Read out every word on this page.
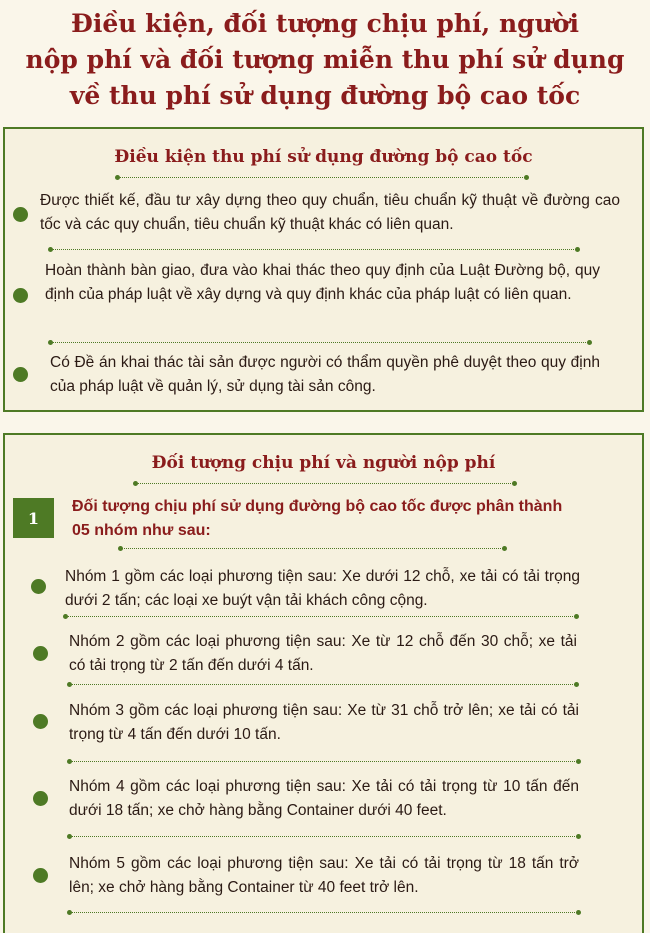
Điều kiện, đối tượng chịu phí, người
nộp phí và đối tượng miễn thu phí sử dụng
về thu phí sử dụng đường bộ cao tốc
Điều kiện thu phí sử dụng đường bộ cao tốc
Được thiết kế, đầu tư xây dựng theo quy chuẩn, tiêu chuẩn kỹ thuật về đường cao tốc và các quy chuẩn, tiêu chuẩn kỹ thuật khác có liên quan.
Hoàn thành bàn giao, đưa vào khai thác theo quy định của Luật Đường bộ, quy định của pháp luật về xây dựng và quy định khác của pháp luật có liên quan.
Có Đề án khai thác tài sản được người có thẩm quyền phê duyệt theo quy định của pháp luật về quản lý, sử dụng tài sản công.
Đối tượng chịu phí và người nộp phí
1
Đối tượng chịu phí sử dụng đường bộ cao tốc được phân thành 05 nhóm như sau:
Nhóm 1 gồm các loại phương tiện sau: Xe dưới 12 chỗ, xe tải có tải trọng dưới 2 tấn; các loại xe buýt vận tải khách công cộng.
Nhóm 2 gồm các loại phương tiện sau: Xe từ 12 chỗ đến 30 chỗ; xe tải có tải trọng từ 2 tấn đến dưới 4 tấn.
Nhóm 3 gồm các loại phương tiện sau: Xe từ 31 chỗ trở lên; xe tải có tải trọng từ 4 tấn đến dưới 10 tấn.
Nhóm 4 gồm các loại phương tiện sau: Xe tải có tải trọng từ 10 tấn đến dưới 18 tấn; xe chở hàng bằng Container dưới 40 feet.
Nhóm 5 gồm các loại phương tiện sau: Xe tải có tải trọng từ 18 tấn trở lên; xe chở hàng bằng Container từ 40 feet trở lên.
